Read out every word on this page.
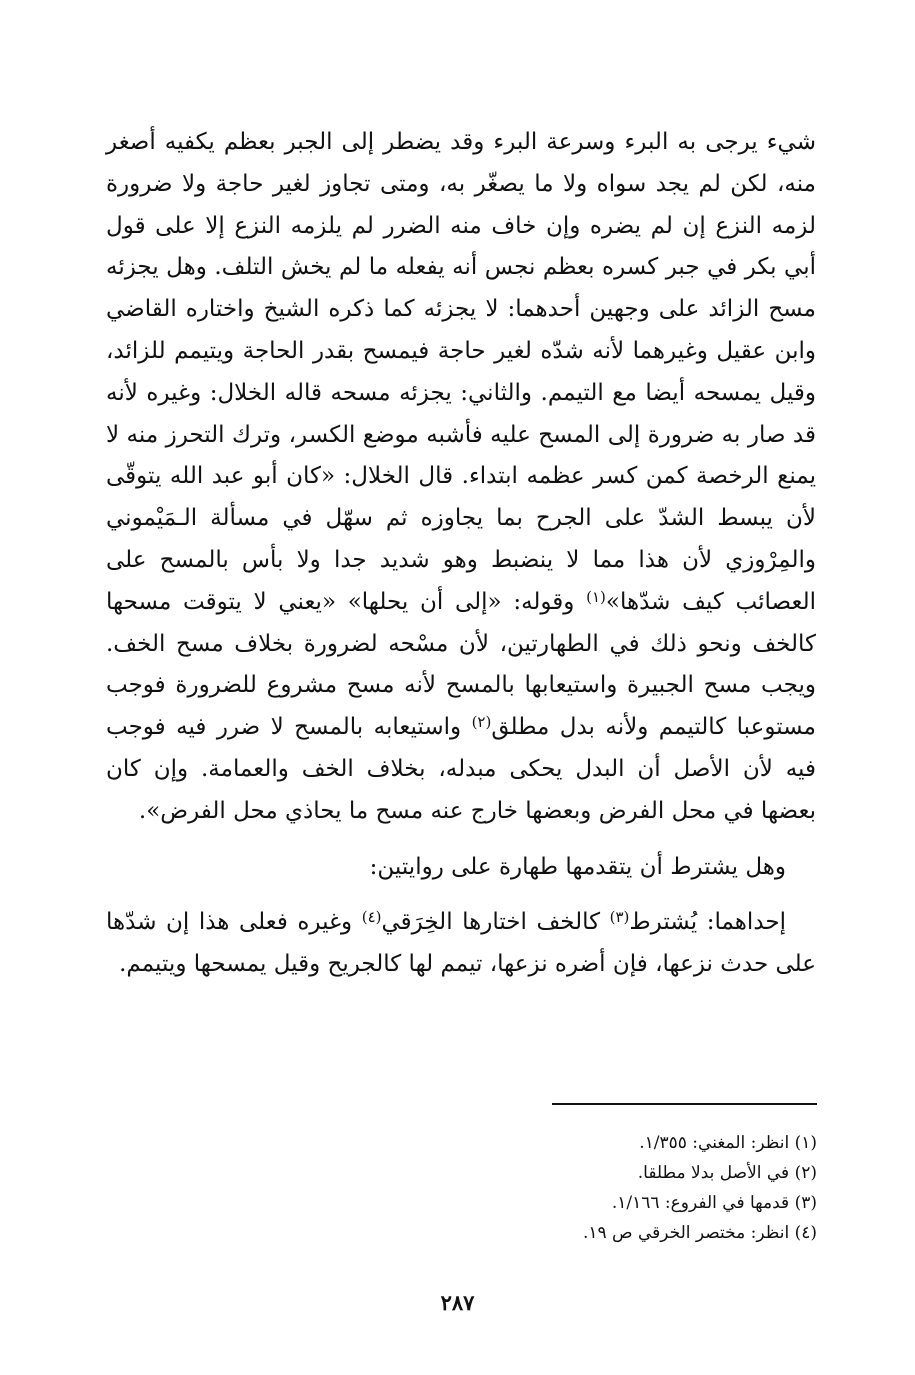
شيء يرجى به البرء وسرعة البرء وقد يضطر إلى الجبر بعظم يكفيه أصغر منه، لكن لم يجد سواه ولا ما يصغّر به، ومتى تجاوز لغير حاجة ولا ضرورة لزمه النزع إن لم يضره وإن خاف منه الضرر لم يلزمه النزع إلا على قول أبي بكر في جبر كسره بعظم نجس أنه يفعله ما لم يخش التلف. وهل يجزئه مسح الزائد على وجهين أحدهما: لا يجزئه كما ذكره الشيخ واختاره القاضي وابن عقيل وغيرهما لأنه شدّه لغير حاجة فيمسح بقدر الحاجة ويتيمم للزائد، وقيل يمسحه أيضا مع التيمم. والثاني: يجزئه مسحه قاله الخلال: وغيره لأنه قد صار به ضرورة إلى المسح عليه فأشبه موضع الكسر، وترك التحرز منه لا يمنع الرخصة كمن كسر عظمه ابتداء. قال الخلال: «كان أبو عبد الله يتوقّى لأن يبسط الشدّ على الجرح بما يجاوزه ثم سهّل في مسألة الـمَيْموني والمِرْوزي لأن هذا مما لا ينضبط وهو شديد جدا ولا بأس بالمسح على العصائب كيف شدّها»$^{(١)}$ وقوله: «إلى أن يحلها» «يعني لا يتوقت مسحها كالخف ونحو ذلك في الطهارتين، لأن مسْحه لضرورة بخلاف مسح الخف. ويجب مسح الجبيرة واستيعابها بالمسح لأنه مسح مشروع للضرورة فوجب مستوعبا كالتيمم ولأنه بدل مطلق$^{(٢)}$ واستيعابه بالمسح لا ضرر فيه فوجب فيه لأن الأصل أن البدل يحكى مبدله، بخلاف الخف والعمامة. وإن كان بعضها في محل الفرض وبعضها خارج عنه مسح ما يحاذي محل الفرض».

وهل يشترط أن يتقدمها طهارة على روايتين:

إحداهما: يُشترط$^{(٣)}$ كالخف اختارها الخِرَقي$^{(٤)}$ وغيره فعلى هذا إن شدّها على حدث نزعها، فإن أضره نزعها، تيمم لها كالجريح وقيل يمسحها ويتيمم.

(١) انظر: المغني: ١/٣٥٥.
(٢) في الأصل بدلا مطلقا.
(٣) قدمها في الفروع: ١/١٦٦.
(٤) انظر: مختصر الخرقي ص ١٩.
٢٨٧
